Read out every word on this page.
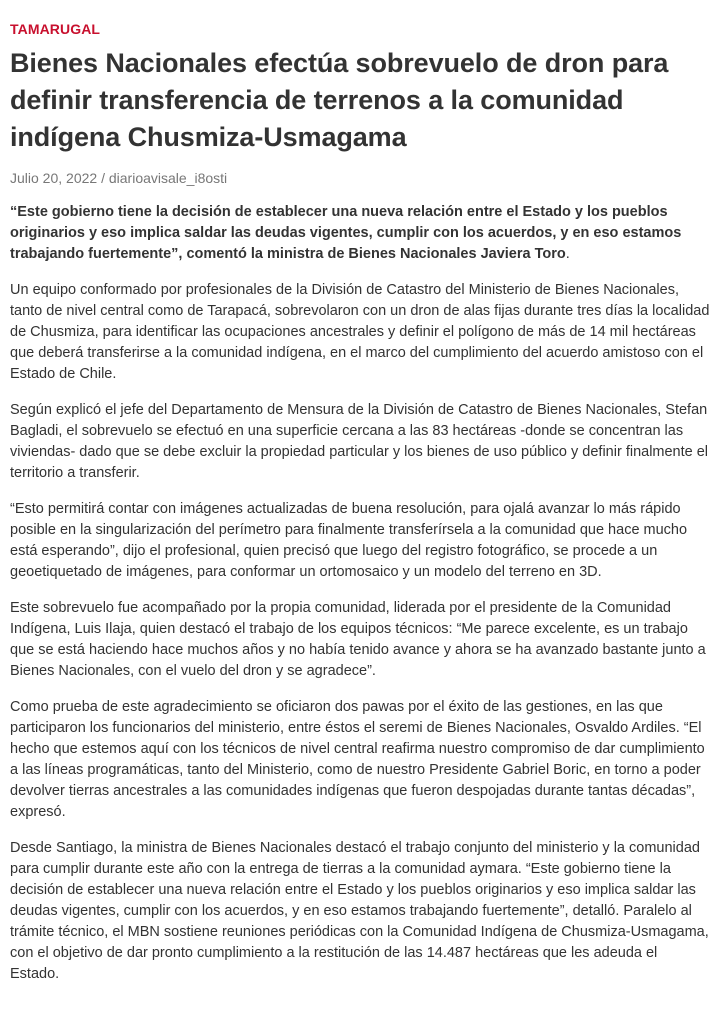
TAMARUGAL
Bienes Nacionales efectúa sobrevuelo de dron para definir transferencia de terrenos a la comunidad indígena Chusmiza-Usmagama
Julio 20, 2022 / diarioavisale_i8osti

“Este gobierno tiene la decisión de establecer una nueva relación entre el Estado y los pueblos originarios y eso implica saldar las deudas vigentes, cumplir con los acuerdos, y en eso estamos trabajando fuertemente”, comentó la ministra de Bienes Nacionales Javiera Toro.

Un equipo conformado por profesionales de la División de Catastro del Ministerio de Bienes Nacionales, tanto de nivel central como de Tarapacá, sobrevolaron con un dron de alas fijas durante tres días la localidad de Chusmiza, para identificar las ocupaciones ancestrales y definir el polígono de más de 14 mil hectáreas que deberá transferirse a la comunidad indígena, en el marco del cumplimiento del acuerdo amistoso con el Estado de Chile.

Según explicó el jefe del Departamento de Mensura de la División de Catastro de Bienes Nacionales, Stefan Bagladi, el sobrevuelo se efectuó en una superficie cercana a las 83 hectáreas -donde se concentran las viviendas- dado que se debe excluir la propiedad particular y los bienes de uso público y definir finalmente el territorio a transferir.

“Esto permitirá contar con imágenes actualizadas de buena resolución, para ojalá avanzar lo más rápido posible en la singularización del perímetro para finalmente transferírsela a la comunidad que hace mucho está esperando”, dijo el profesional, quien precisó que luego del registro fotográfico, se procede a un geoetiquetado de imágenes, para conformar un ortomosaico y un modelo del terreno en 3D.

Este sobrevuelo fue acompañado por la propia comunidad, liderada por el presidente de la Comunidad Indígena, Luis Ilaja, quien destacó el trabajo de los equipos técnicos: “Me parece excelente, es un trabajo que se está haciendo hace muchos años y no había tenido avance y ahora se ha avanzado bastante junto a Bienes Nacionales, con el vuelo del dron y se agradece”.

Como prueba de este agradecimiento se oficiaron dos pawas por el éxito de las gestiones, en las que participaron los funcionarios del ministerio, entre éstos el seremi de Bienes Nacionales, Osvaldo Ardiles. “El hecho que estemos aquí con los técnicos de nivel central reafirma nuestro compromiso de dar cumplimiento a las líneas programáticas, tanto del Ministerio, como de nuestro Presidente Gabriel Boric, en torno a poder devolver tierras ancestrales a las comunidades indígenas que fueron despojadas durante tantas décadas”, expresó.

Desde Santiago, la ministra de Bienes Nacionales destacó el trabajo conjunto del ministerio y la comunidad para cumplir durante este año con la entrega de tierras a la comunidad aymara. “Este gobierno tiene la decisión de establecer una nueva relación entre el Estado y los pueblos originarios y eso implica saldar las deudas vigentes, cumplir con los acuerdos, y en eso estamos trabajando fuertemente”, detalló. Paralelo al trámite técnico, el MBN sostiene reuniones periódicas con la Comunidad Indígena de Chusmiza-Usmagama, con el objetivo de dar pronto cumplimiento a la restitución de las 14.487 hectáreas que les adeuda el Estado.
